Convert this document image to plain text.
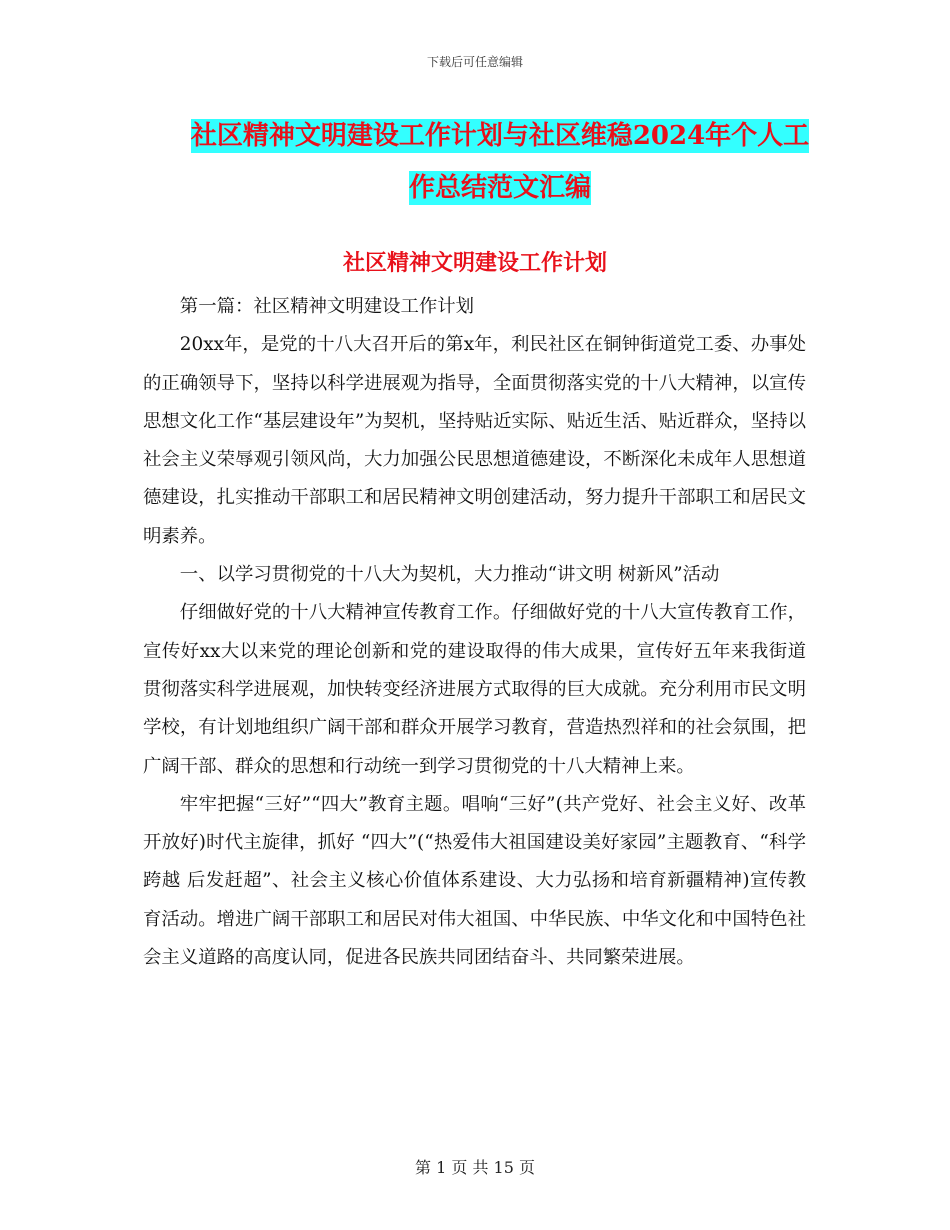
下载后可任意编辑
社区精神文明建设工作计划与社区维稳2024年个人工
作总结范文汇编
社区精神文明建设工作计划

第一篇：社区精神文明建设工作计划

20xx年，是党的十八大召开后的第x年，利民社区在铜钟街道党工委、办事处的正确领导下，坚持以科学进展观为指导，全面贯彻落实党的十八大精神，以宣传思想文化工作“基层建设年”为契机，坚持贴近实际、贴近生活、贴近群众，坚持以社会主义荣辱观引领风尚，大力加强公民思想道德建设，不断深化未成年人思想道德建设，扎实推动干部职工和居民精神文明创建活动，努力提升干部职工和居民文明素养。

一、以学习贯彻党的十八大为契机，大力推动“讲文明 树新风”活动

仔细做好党的十八大精神宣传教育工作。仔细做好党的十八大宣传教育工作，宣传好xx大以来党的理论创新和党的建设取得的伟大成果，宣传好五年来我街道贯彻落实科学进展观，加快转变经济进展方式取得的巨大成就。充分利用市民文明学校，有计划地组织广阔干部和群众开展学习教育，营造热烈祥和的社会氛围，把广阔干部、群众的思想和行动统一到学习贯彻党的十八大精神上来。

牢牢把握“三好”“四大”教育主题。唱响“三好”(共产党好、社会主义好、改革开放好)时代主旋律，抓好 “四大”(“热爱伟大祖国建设美好家园”主题教育、“科学跨越 后发赶超”、社会主义核心价值体系建设、大力弘扬和培育新疆精神)宣传教育活动。增进广阔干部职工和居民对伟大祖国、中华民族、中华文化和中国特色社会主义道路的高度认同，促进各民族共同团结奋斗、共同繁荣进展。

第 1 页 共 15 页
